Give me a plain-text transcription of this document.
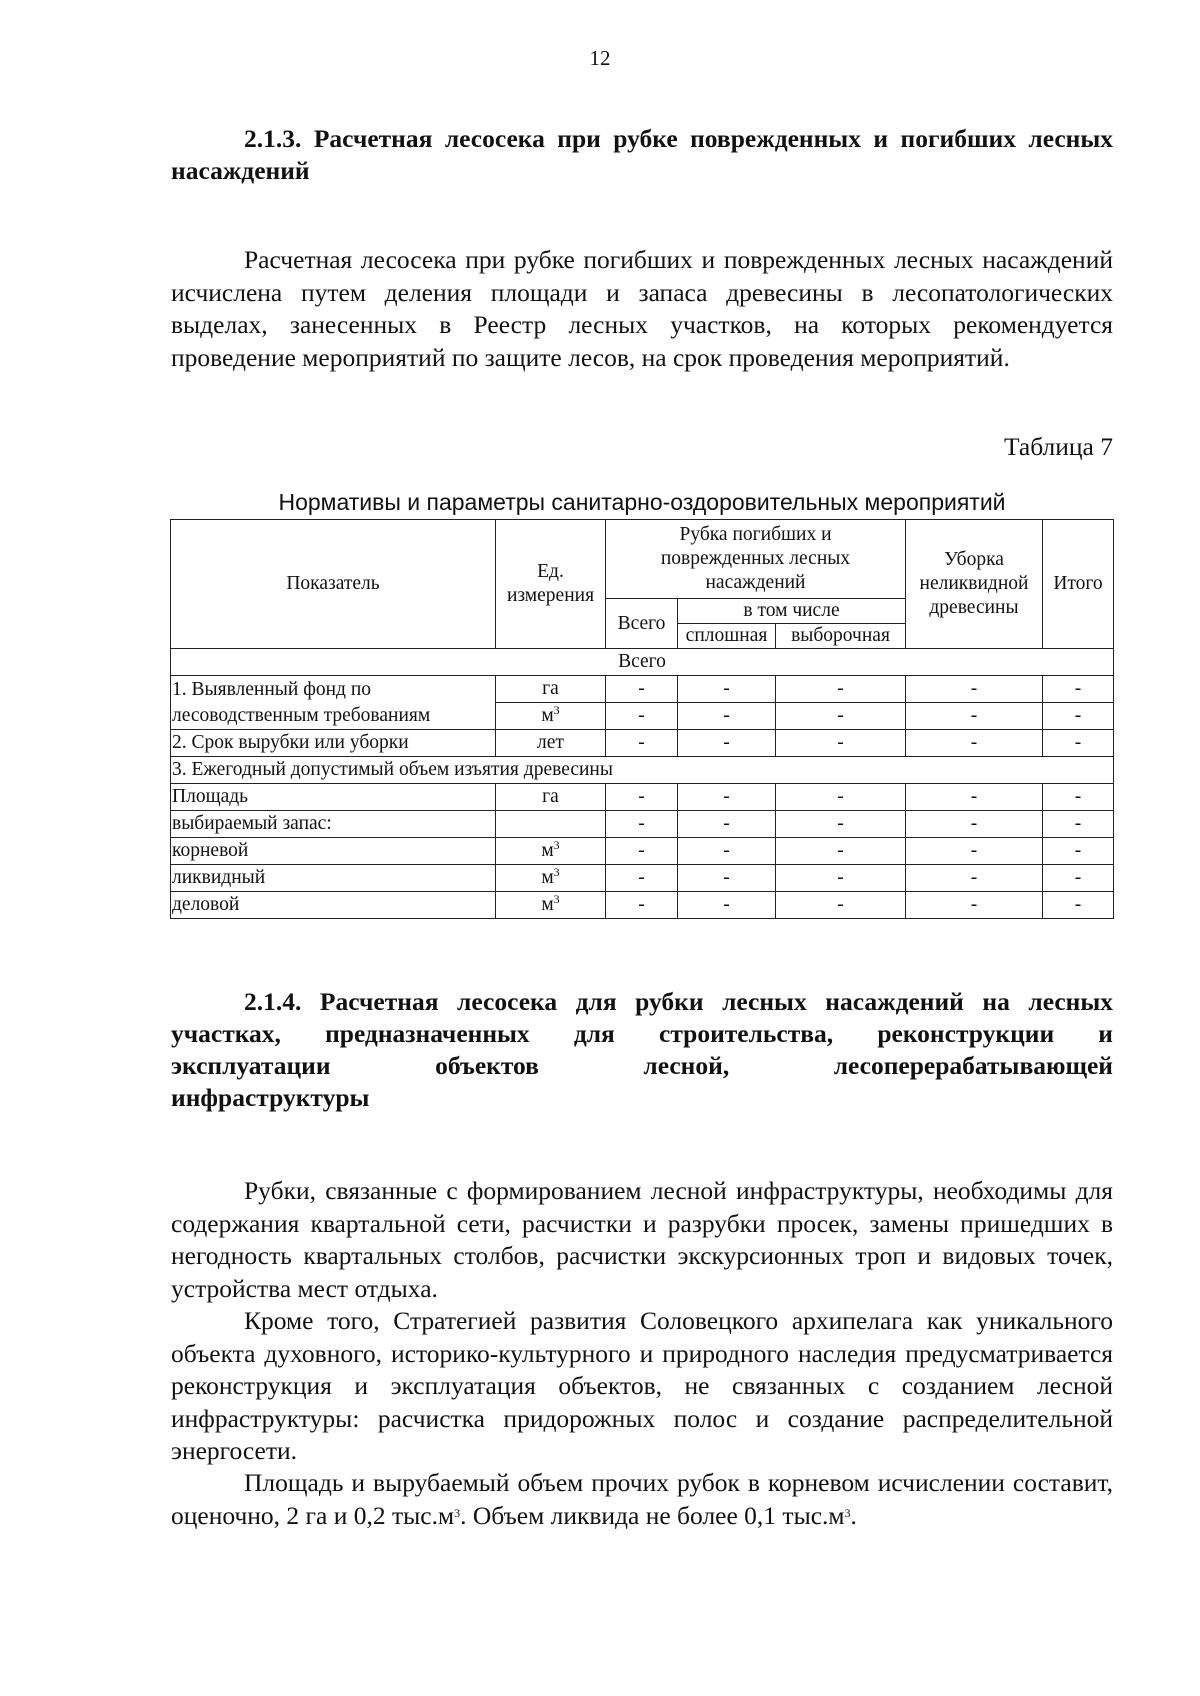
12
2.1.3. Расчетная лесосека при рубке поврежденных и погибших лесных насаждений

Расчетная лесосека при рубке погибших и поврежденных лесных насаждений исчислена путем деления площади и запаса древесины в лесопатологических выделах, занесенных в Реестр лесных участков, на которых рекомендуется проведение мероприятий по защите лесов, на срок проведения мероприятий.

Таблица 7
Нормативы и параметры санитарно-оздоровительных мероприятий
Показатель	Ед. измерения	Рубка погибших и поврежденных лесных насаждений			Уборка неликвидной древесины	Итого
		Всего	в том числе			
			сплошная	выборочная		
Всего						
1. Выявленный фонд по лесоводственным требованиям	га	-	-	-	-	-
	$м^3$	-	-	-	-	-
2. Срок вырубки или уборки	лет	-	-	-	-	-
3. Ежегодный допустимый объем изъятия древесины						
Площадь	га	-	-	-	-	-
выбираемый запас:		-	-	-	-	-
корневой	$м^3$	-	-	-	-	-
ликвидный	$м^3$	-	-	-	-	-
деловой	$м^3$	-	-	-	-	-
2.1.4. Расчетная лесосека для рубки лесных насаждений на лесных
участках, предназначенных для строительства, реконструкции и
эксплуатации объектов лесной, лесоперерабатывающей
инфраструктуры

Рубки, связанные с формированием лесной инфраструктуры, необходимы для содержания квартальной сети, расчистки и разрубки просек, замены пришедших в негодность квартальных столбов, расчистки экскурсионных троп и видовых точек, устройства мест отдыха.

Кроме того, Стратегией развития Соловецкого архипелага как уникального объекта духовного, историко-культурного и природного наследия предусматривается реконструкция и эксплуатация объектов, не связанных с созданием лесной инфраструктуры: расчистка придорожных полос и создание распределительной энергосети.

Площадь и вырубаемый объем прочих рубок в корневом исчислении составит, оценочно, 2 га и 0,2 $тыс.м^3$. Объем ликвида не более 0,1 $тыс.м^3$.
